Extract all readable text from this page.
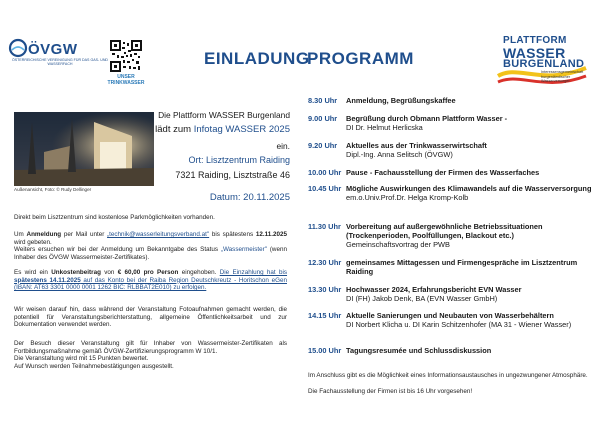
ÖVGW
ÖSTERREICHISCHE VEREINIGUNG FÜR DAS GAS- UND WASSERFACH
UNSER
TRINKWASSER
EINLADUNG
PROGRAMM
PLATTFORM
WASSER
BURGENLAND
Interessensgemeinschaft
burgenländischer
Wasserversorger
Außenansicht, Foto: © Rudy Dellinger
Die Plattform WASSER Burgenland
lädt zum Infotag WASSER 2025
ein.
Ort: Lisztzentrum Raiding
7321 Raiding, Lisztstraße 46
Datum: 20.11.2025
Direkt beim Lisztzentrum sind kostenlose Parkmöglichkeiten vorhanden.
Um Anmeldung per Mail unter „technik@wasserleitungsverband.at" bis spätestens 12.11.2025 wird gebeten.
Weiters ersuchen wir bei der Anmeldung um Bekanntgabe des Status „Wassermeister" (wenn Inhaber des ÖVGW Wassermeister-Zertifikates).
Es wird ein Unkostenbeitrag von € 60,00 pro Person eingehoben. Die Einzahlung hat bis spätestens 14.11.2025 auf das Konto bei der Raiba Region Deutschkreutz - Horitschon eGen (IBAN: AT63 3301 0000 0001 1262 BIC: RLBBAT2E010) zu erfolgen.
Wir weisen darauf hin, dass während der Veranstaltung Fotoaufnahmen gemacht werden, die potentiell für Veranstaltungsberichterstattung, allgemeine Öffentlichkeitsarbeit und zur Dokumentation verwendet werden.
Der Besuch dieser Veranstaltung gilt für Inhaber von Wassermeister-Zertifikaten als Fortbildungsmaßnahme gemäß ÖVGW-Zertifizierungsprogramm W 10/1.
Die Veranstaltung wird mit 15 Punkten bewertet.
Auf Wunsch werden Teilnahmebestätigungen ausgestellt.
8.30 Uhr	Anmeldung, Begrüßungskaffee
9.00 Uhr	Begrüßung durch Obmann Plattform Wasser -
DI Dr. Helmut Herlicska
9.20 Uhr	Aktuelles aus der Trinkwasserwirtschaft
Dipl.-Ing. Anna Selitsch (ÖVGW)
10.00 Uhr Pause - Fachausstellung der Firmen des Wasserfaches
10.45 Uhr Mögliche Auswirkungen des Klimawandels auf die Wasserversorgung
em.o.Univ.Prof.Dr. Helga Kromp-Kolb
11.30 Uhr Vorbereitung auf außergewöhnliche Betriebssituationen (Trockenperioden, Poolfüllungen, Blackout etc.)
Gemeinschaftsvortrag der PWB
12.30 Uhr gemeinsames Mittagessen und Firmengespräche im Lisztzentrum Raiding
13.30 Uhr Hochwasser 2024, Erfahrungsbericht EVN Wasser
DI (FH) Jakob Denk, BA (EVN Wasser GmbH)
14.15 Uhr Aktuelle Sanierungen und Neubauten von Wasserbehältern
DI Norbert Klicha u. DI Karin Schitzenhofer (MA 31 - Wiener Wasser)
15.00 Uhr Tagungsresumée und Schlussdiskussion
Im Anschluss gibt es die Möglichkeit eines Informationsaustausches in ungezwungener Atmosphäre.
Die Fachausstellung der Firmen ist bis 16 Uhr vorgesehen!
